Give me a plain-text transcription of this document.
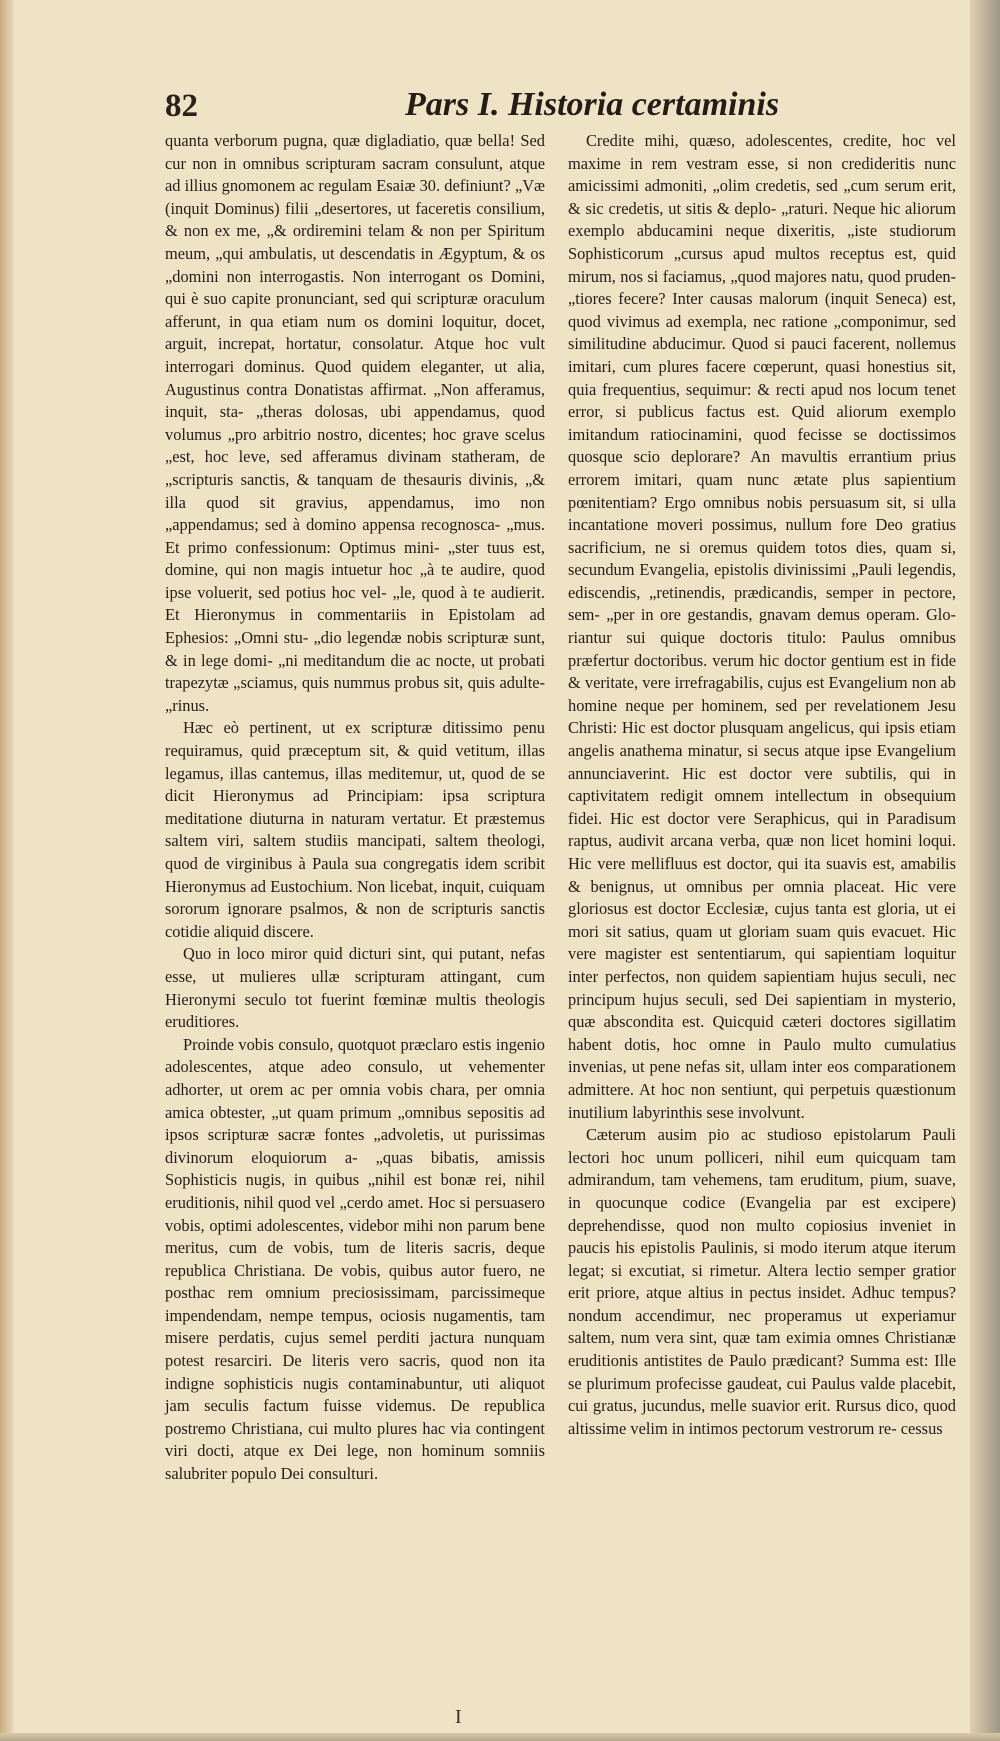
82	Pars I. Historia certaminis

quanta verborum pugna, quæ digladiatio, quæ bella! Sed cur non in omnibus scripturam sacram consulunt, atque ad illius gnomonem ac regulam Esaiæ 30. definiunt? „Væ (inquit Dominus) filii „desertores, ut faceretis consilium, & non ex me, „& ordiremini telam & non per Spiritum meum, „qui ambulatis, ut descendatis in Ægyptum, & os „domini non interrogastis. Non interrogant os Domini, qui è suo capite pronunciant, sed qui scripturæ oraculum afferunt, in qua etiam num os domini loquitur, docet, arguit, increpat, hortatur, consolatur. Atque hoc vult interrogari dominus. Quod quidem eleganter, ut alia, Augustinus contra Donatistas affirmat. „Non afferamus, inquit, sta- „theras dolosas, ubi appendamus, quod volumus „pro arbitrio nostro, dicentes; hoc grave scelus „est, hoc leve, sed afferamus divinam statheram, de „scripturis sanctis, & tanquam de thesauris divinis, „& illa quod sit gravius, appendamus, imo non „appendamus; sed à domino appensa recognosca- „mus. Et primo confessionum: Optimus mini- „ster tuus est, domine, qui non magis intuetur hoc „à te audire, quod ipse voluerit, sed potius hoc vel- „le, quod à te audierit. Et Hieronymus in commentariis in Epistolam ad Ephesios: „Omni stu- „dio legendæ nobis scripturæ sunt, & in lege domi- „ni meditandum die ac nocte, ut probati trapezytæ „sciamus, quis nummus probus sit, quis adulte- „rinus.

Hæc eò pertinent, ut ex scripturæ ditissimo penu requiramus, quid præceptum sit, & quid vetitum, illas legamus, illas cantemus, illas meditemur, ut, quod de se dicit Hieronymus ad Principiam: ipsa scriptura meditatione diuturna in naturam vertatur. Et præstemus saltem viri, saltem studiis mancipati, saltem theologi, quod de virginibus à Paula sua congregatis idem scribit Hieronymus ad Eustochium. Non licebat, inquit, cuiquam sororum ignorare psalmos, & non de scripturis sanctis cotidie aliquid discere.

Quo in loco miror quid dicturi sint, qui putant, nefas esse, ut mulieres ullæ scripturam attingant, cum Hieronymi seculo tot fuerint fœminæ multis theologis eruditiores.

Proinde vobis consulo, quotquot præclaro estis ingenio adolescentes, atque adeo consulo, ut vehementer adhorter, ut orem ac per omnia vobis chara, per omnia amica obtester, „ut quam primum „omnibus sepositis ad ipsos scripturæ sacræ fontes „advoletis, ut purissimas divinorum eloquiorum a- „quas bibatis, amissis Sophisticis nugis, in quibus „nihil est bonæ rei, nihil eruditionis, nihil quod vel „cerdo amet. Hoc si persuasero vobis, optimi adolescentes, videbor mihi non parum bene meritus, cum de vobis, tum de literis sacris, deque republica Christiana. De vobis, quibus autor fuero, ne posthac rem omnium preciosissimam, parcissimeque impendendam, nempe tempus, ociosis nugamentis, tam misere perdatis, cujus semel perditi jactura nunquam potest resarciri. De literis vero sacris, quod non ita indigne sophisticis nugis contaminabuntur, uti aliquot jam seculis factum fuisse videmus. De republica postremo Christiana, cui multo plures hac via contingent viri docti, atque ex Dei lege, non hominum somniis salubriter populo Dei consulturi.

Credite mihi, quæso, adolescentes, credite, hoc vel maxime in rem vestram esse, si non credideritis nunc amicissimi admoniti, „olim credetis, sed „cum serum erit, & sic credetis, ut sitis & deplo- „raturi. Neque hic aliorum exemplo abducamini neque dixeritis, „iste studiorum Sophisticorum „cursus apud multos receptus est, quid mirum, nos si faciamus, „quod majores natu, quod pruden- „tiores fecere? Inter causas malorum (inquit Seneca) est, quod vivimus ad exempla, nec ratione „componimur, sed similitudine abducimur. Quod si pauci facerent, nollemus imitari, cum plures facere cœperunt, quasi honestius sit, quia frequentius, sequimur: & recti apud nos locum tenet error, si publicus factus est. Quid aliorum exemplo imitandum ratiocinamini, quod fecisse se doctissimos quosque scio deplorare? An mavultis errantium prius errorem imitari, quam nunc ætate plus sapientium pœnitentiam? Ergo omnibus nobis persuasum sit, si ulla incantatione moveri possimus, nullum fore Deo gratius sacrificium, ne si oremus quidem totos dies, quam si, secundum Evangelia, epistolis divinissimi „Pauli legendis, ediscendis, „retinendis, prædicandis, semper in pectore, sem- „per in ore gestandis, gnavam demus operam. Glo- riantur sui quique doctoris titulo: Paulus omnibus præfertur doctoribus. verum hic doctor gentium est in fide & veritate, vere irrefragabilis, cujus est Evangelium non ab homine neque per hominem, sed per revelationem Jesu Christi: Hic est doctor plusquam angelicus, qui ipsis etiam angelis anathema minatur, si secus atque ipse Evangelium annunciaverint. Hic est doctor vere subtilis, qui in captivitatem redigit omnem intellectum in obsequium fidei. Hic est doctor vere Seraphicus, qui in Paradisum raptus, audivit arcana verba, quæ non licet homini loqui. Hic vere mellifluus est doctor, qui ita suavis est, amabilis & benignus, ut omnibus per omnia placeat. Hic vere gloriosus est doctor Ecclesiæ, cujus tanta est gloria, ut ei mori sit satius, quam ut gloriam suam quis evacuet. Hic vere magister est sententiarum, qui sapientiam loquitur inter perfectos, non quidem sapientiam hujus seculi, nec principum hujus seculi, sed Dei sapientiam in mysterio, quæ abscondita est. Quicquid cæteri doctores sigillatim habent dotis, hoc omne in Paulo multo cumulatius invenias, ut pene nefas sit, ullam inter eos comparationem admittere. At hoc non sentiunt, qui perpetuis quæstionum inutilium labyrinthis sese involvunt.

Cæterum ausim pio ac studioso epistolarum Pauli lectori hoc unum polliceri, nihil eum quicquam tam admirandum, tam vehemens, tam eruditum, pium, suave, in quocunque codice (Evangelia par est excipere) deprehendisse, quod non multo copiosius inveniet in paucis his epistolis Paulinis, si modo iterum atque iterum legat; si excutiat, si rimetur. Altera lectio semper gratior erit priore, atque altius in pectus insidet. Adhuc tempus? nondum accendimur, nec properamus ut experiamur saltem, num vera sint, quæ tam eximia omnes Christianæ eruditionis antistites de Paulo prædicant? Summa est: Ille se plurimum profecisse gaudeat, cui Paulus valde placebit, cui gratus, jucundus, melle suavior erit. Rursus dico, quod altissime velim in intimos pectorum vestrorum re- cessus

I
